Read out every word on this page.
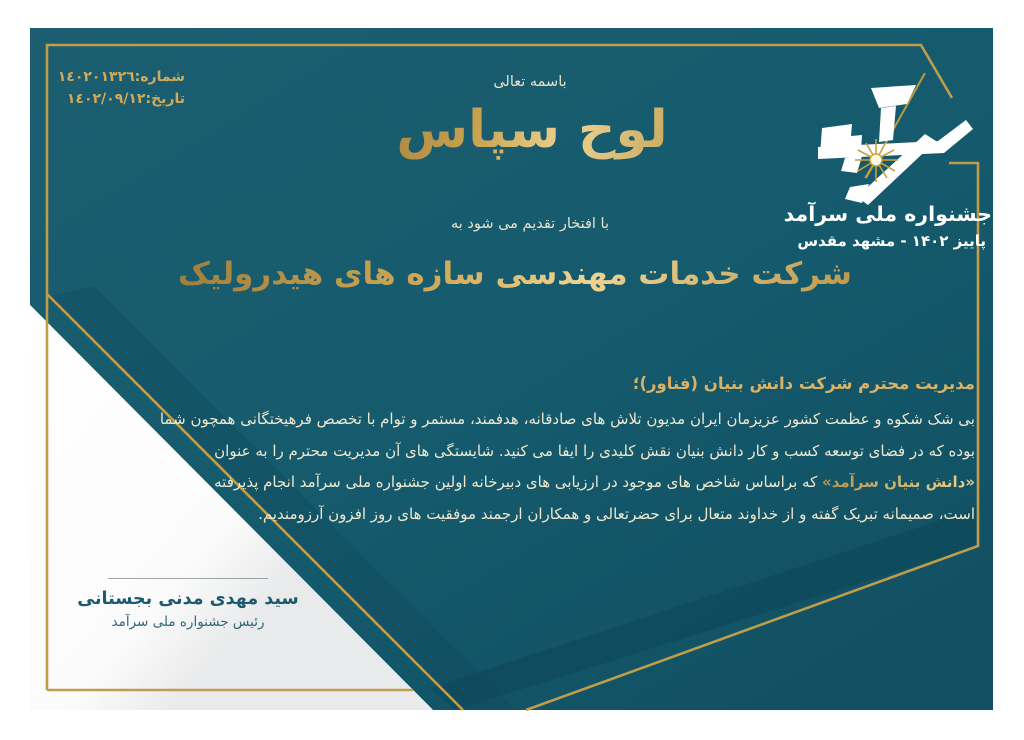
شماره:١٤٠٢٠١٣٢٦
تاریخ:١٤٠٢/٠٩/١٢
باسمه تعالی
لوح سپاس
با افتخار تقدیم می شود به
شرکت خدمات مهندسی سازه های هیدرولیک
جشنواره ملی سرآمد
پاییز ۱۴۰۲ - مشهد مقدس
مدیریت محترم شرکت دانش بنیان (فناور)؛
بی شک شکوه و عظمت کشور عزیزمان ایران مدیون تلاش های صادقانه، هدفمند، مستمر و توام با تخصص فرهیختگانی همچون شما
بوده که در فضای توسعه کسب و کار دانش بنیان نقش کلیدی را ایفا می کنید. شایستگی های آن مدیریت محترم را به عنوان
«دانش بنیان سرآمد» که براساس شاخص های موجود در ارزیابی های دبیرخانه اولین جشنواره ملی سرآمد انجام پذیرفته
است، صمیمانه تبریک گفته و از خداوند متعال برای حضرتعالی و همکاران ارجمند موفقیت های روز افزون آرزومندیم.
سید مهدی مدنی بجستانی
رئیس جشنواره ملی سرآمد
